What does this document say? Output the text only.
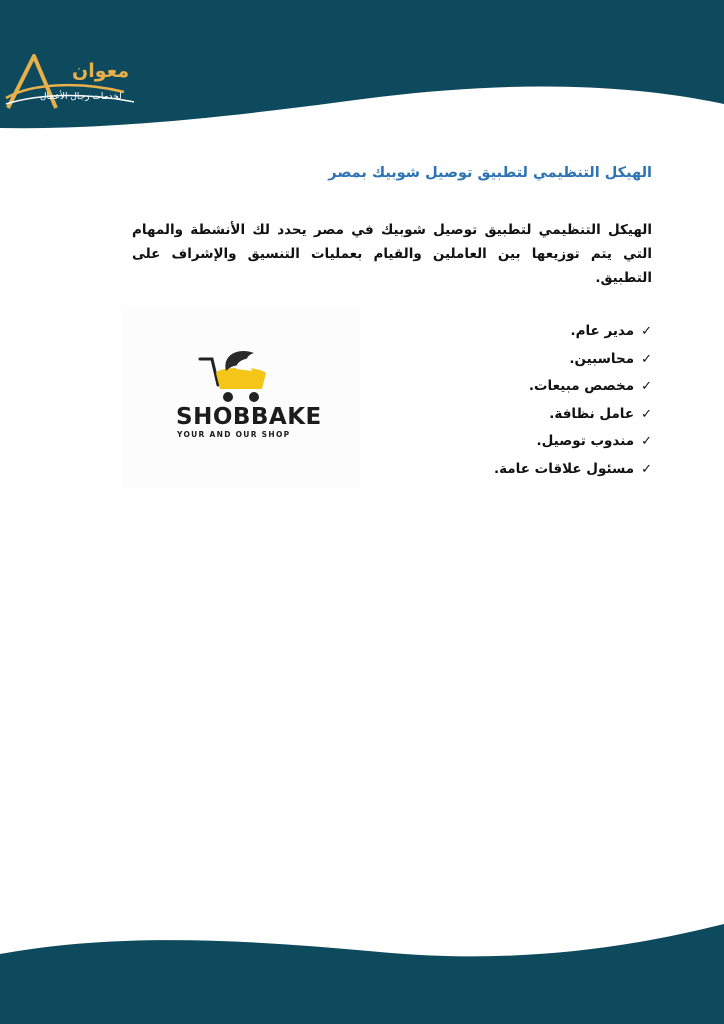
معوان
لخدمات رجال الأعمال
الهيكل التنظيمي لتطبيق توصيل شوبيك بمصر
الهيكل التنظيمي لتطبيق توصيل شوبيك في مصر يحدد لك الأنشطة والمهام التي يتم توزيعها بين العاملين والقيام بعمليات التنسيق والإشراف على التطبيق.
SHOBBAKE
YOUR AND OUR SHOP
✓مدير عام.
✓محاسبين.
✓مخصص مبيعات.
✓عامل نظافة.
✓مندوب توصيل.
✓مسئول علاقات عامة.
